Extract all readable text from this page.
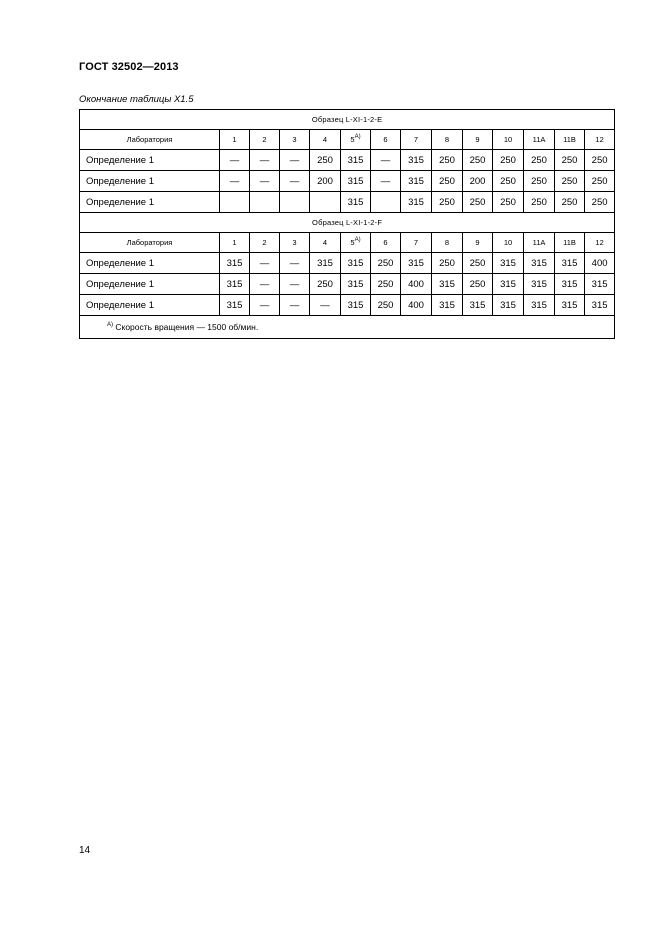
ГОСТ 32502—2013
Окончание таблицы X1.5
Образец L-XI-1-2-E													
Лаборатория	1	2	3	4	$5^{A)}$	6	7	8	9	10	11A	11B	12
Определение 1	—	—	—	250	315	—	315	250	250	250	250	250	250
Определение 1	—	—	—	200	315	—	315	250	200	250	250	250	250
Определение 1					315		315	250	250	250	250	250	250
Образец L-XI-1-2-F													
Лаборатория	1	2	3	4	$5^{A)}$	6	7	8	9	10	11A	11B	12
Определение 1	315	—	—	315	315	250	315	250	250	315	315	315	400
Определение 1	315	—	—	250	315	250	400	315	250	315	315	315	315
Определение 1	315	—	—	—	315	250	400	315	315	315	315	315	315
$^{A)}$ Скорость вращения — 1500 об/мин.													
14
